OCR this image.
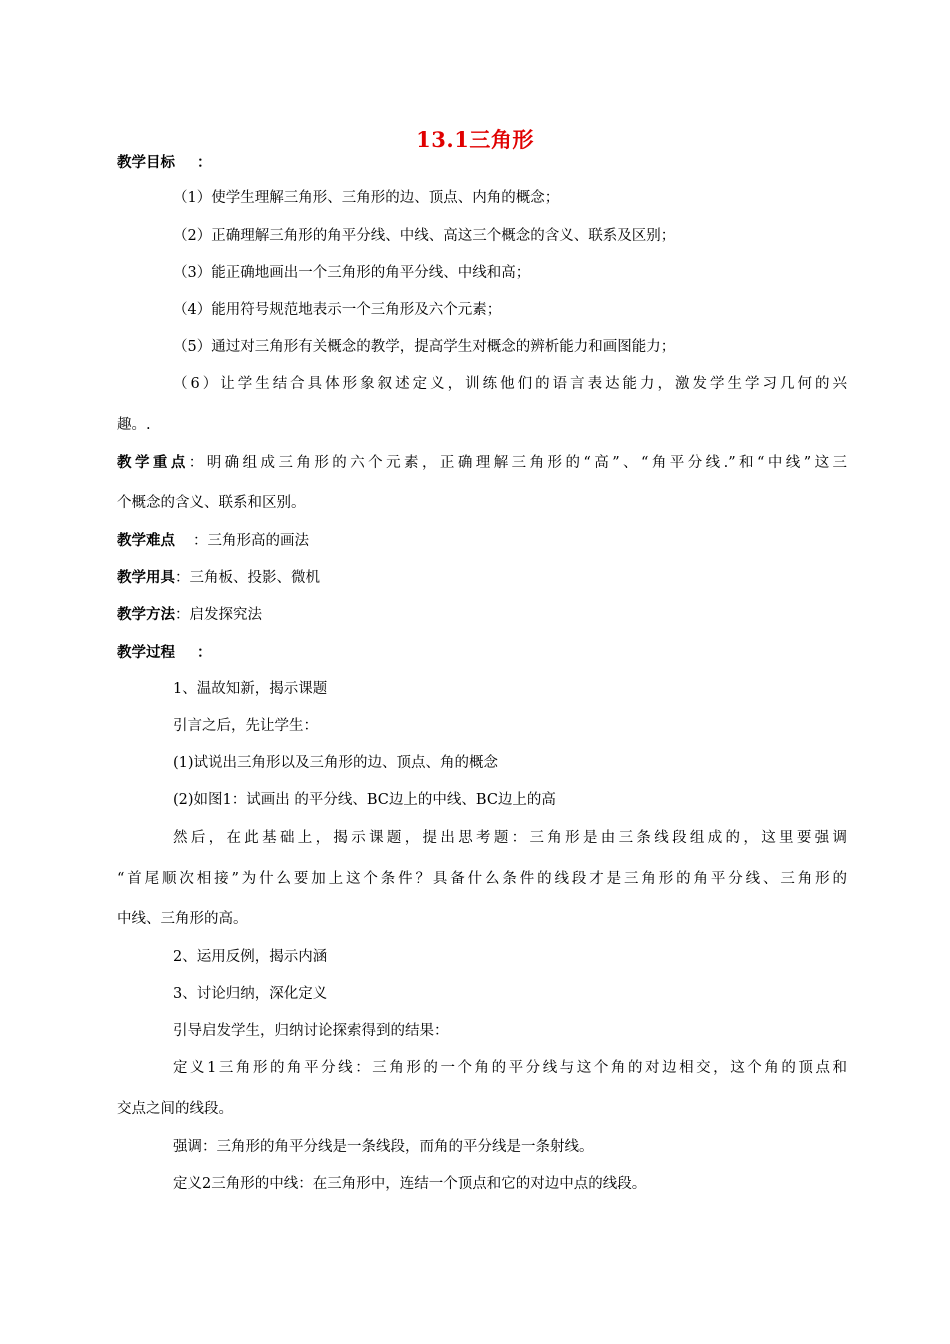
13.1三角形
教学目标 ：
（1）使学生理解三角形、三角形的边、顶点、内角的概念；
（2）正确理解三角形的角平分线、中线、高这三个概念的含义、联系及区别；
（3）能正确地画出一个三角形的角平分线、中线和高；
（4）能用符号规范地表示一个三角形及六个元素；
（5）通过对三角形有关概念的教学，提高学生对概念的辨析能力和画图能力；
（6）让学生结合具体形象叙述定义，训练他们的语言表达能力，激发学生学习几何的兴
趣。.
教学重点：明确组成三角形的六个元素，正确理解三角形的“高”、“角平分线.”和“中线”这三
个概念的含义、联系和区别。
教学难点 ：三角形高的画法
教学用具：三角板、投影、微机
教学方法：启发探究法
教学过程 ：
1、温故知新，揭示课题
引言之后，先让学生：
(1)试说出三角形以及三角形的边、顶点、角的概念
(2)如图1：试画出 的平分线、BC边上的中线、BC边上的高
然后，在此基础上，揭示课题，提出思考题：三角形是由三条线段组成的，这里要强调
“首尾顺次相接”为什么要加上这个条件？具备什么条件的线段才是三角形的角平分线、三角形的
中线、三角形的高。
2、运用反例，揭示内涵
3、讨论归纳，深化定义
引导启发学生，归纳讨论探索得到的结果：
定义1三角形的角平分线：三角形的一个角的平分线与这个角的对边相交，这个角的顶点和
交点之间的线段。
强调：三角形的角平分线是一条线段，而角的平分线是一条射线。
定义2三角形的中线：在三角形中，连结一个顶点和它的对边中点的线段。
